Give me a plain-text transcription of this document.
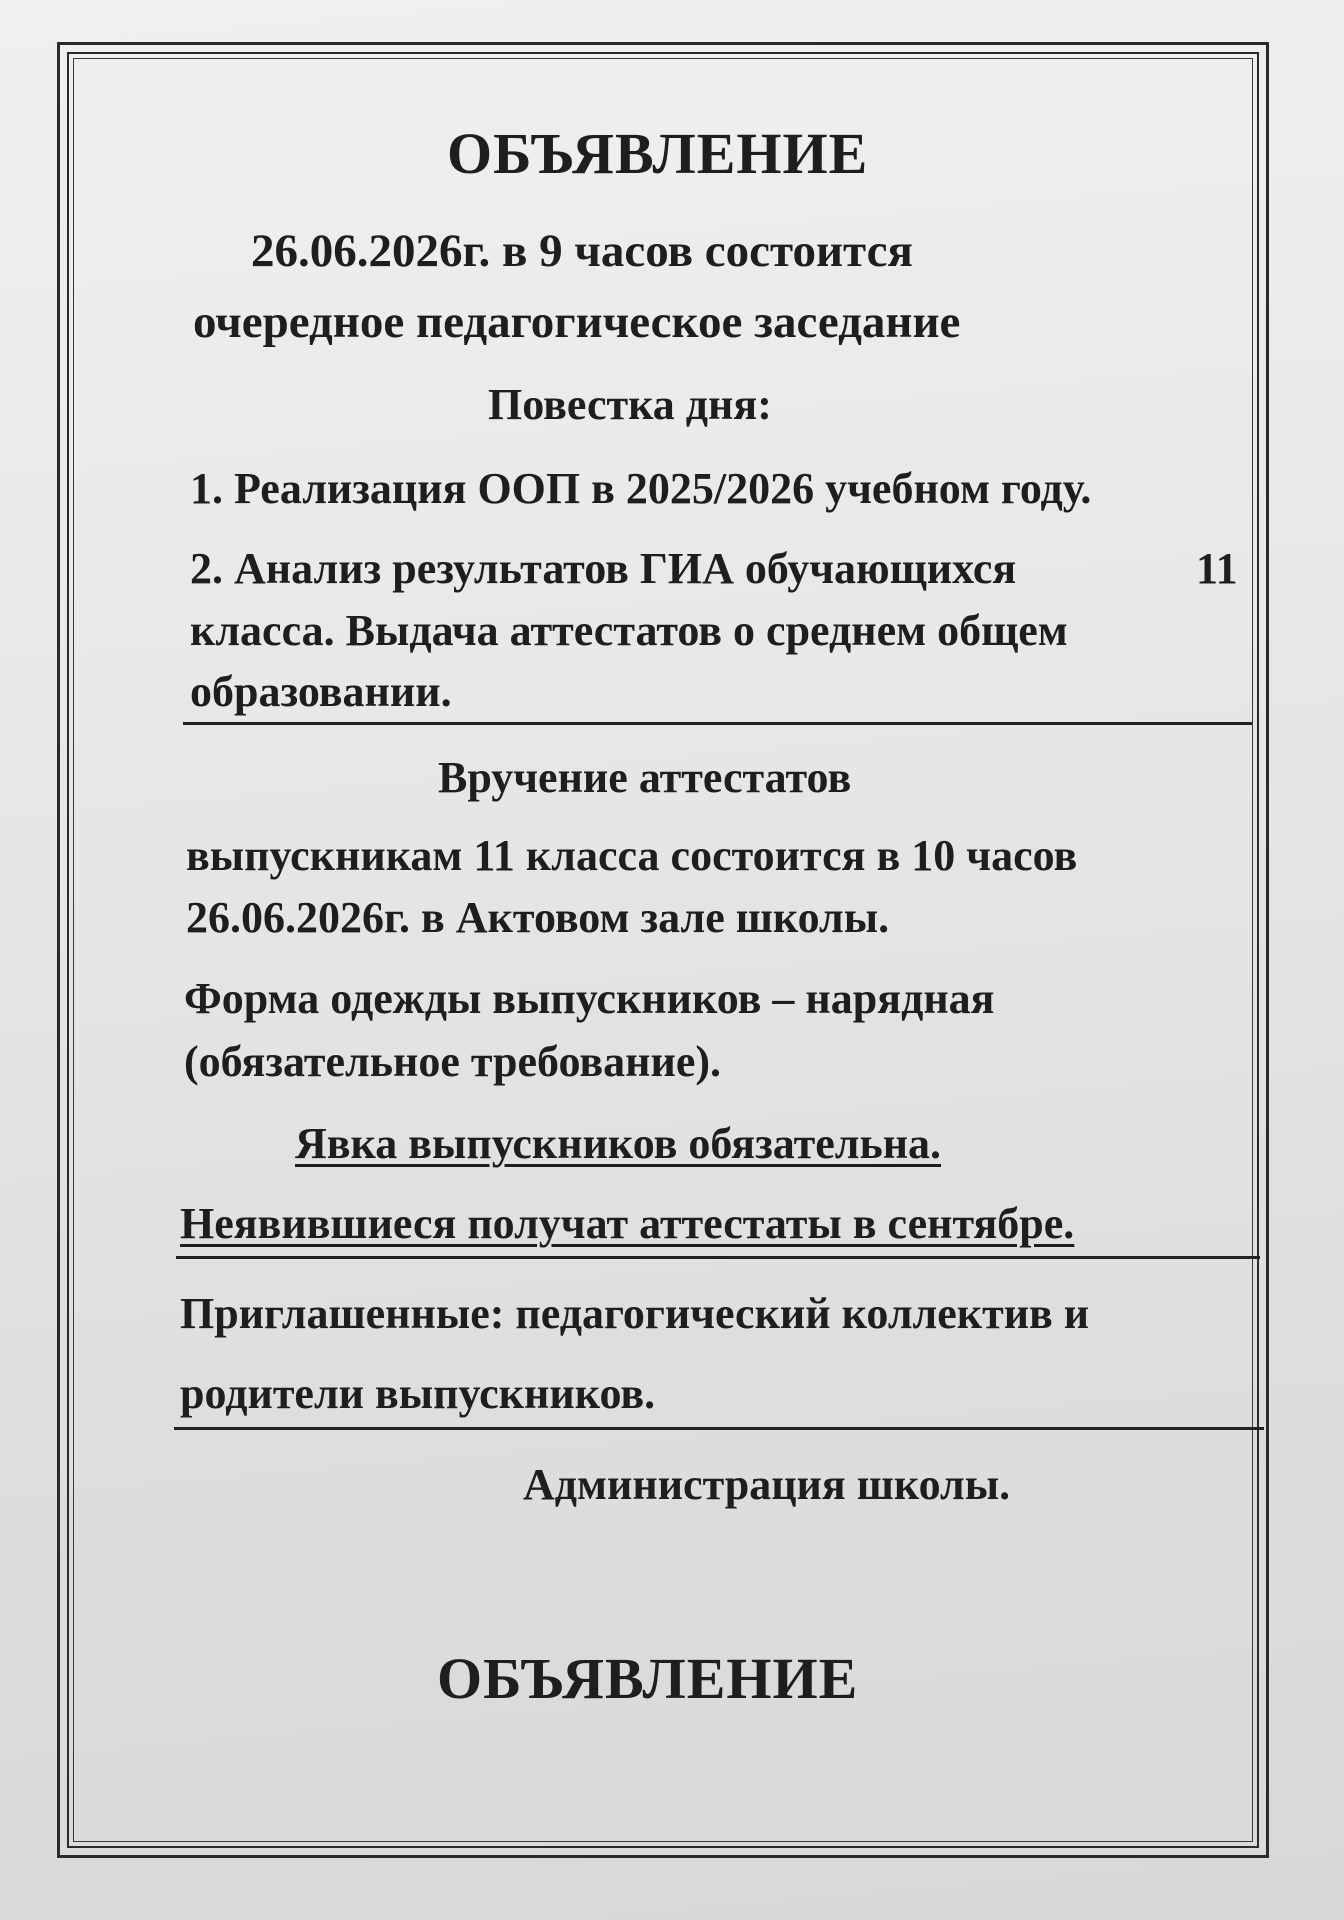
ОБЪЯВЛЕНИЕ

26.06.2026г. в 9 часов состоится

очередное педагогическое заседание

Повестка дня:

1. Реализация ООП в 2025/2026 учебном году.

2. Анализ результатов ГИА обучающихся	11

класса. Выдача аттестатов о среднем общем

образовании.

Вручение аттестатов

выпускникам 11 класса состоится в 10 часов

26.06.2026г. в Актовом зале школы.

Форма одежды выпускников – нарядная

(обязательное требование).

Явка выпускников обязательна.

Неявившиеся получат аттестаты в сентябре.

Приглашенные: педагогический коллектив и

родители выпускников.

Администрация школы.

ОБЪЯВЛЕНИЕ
